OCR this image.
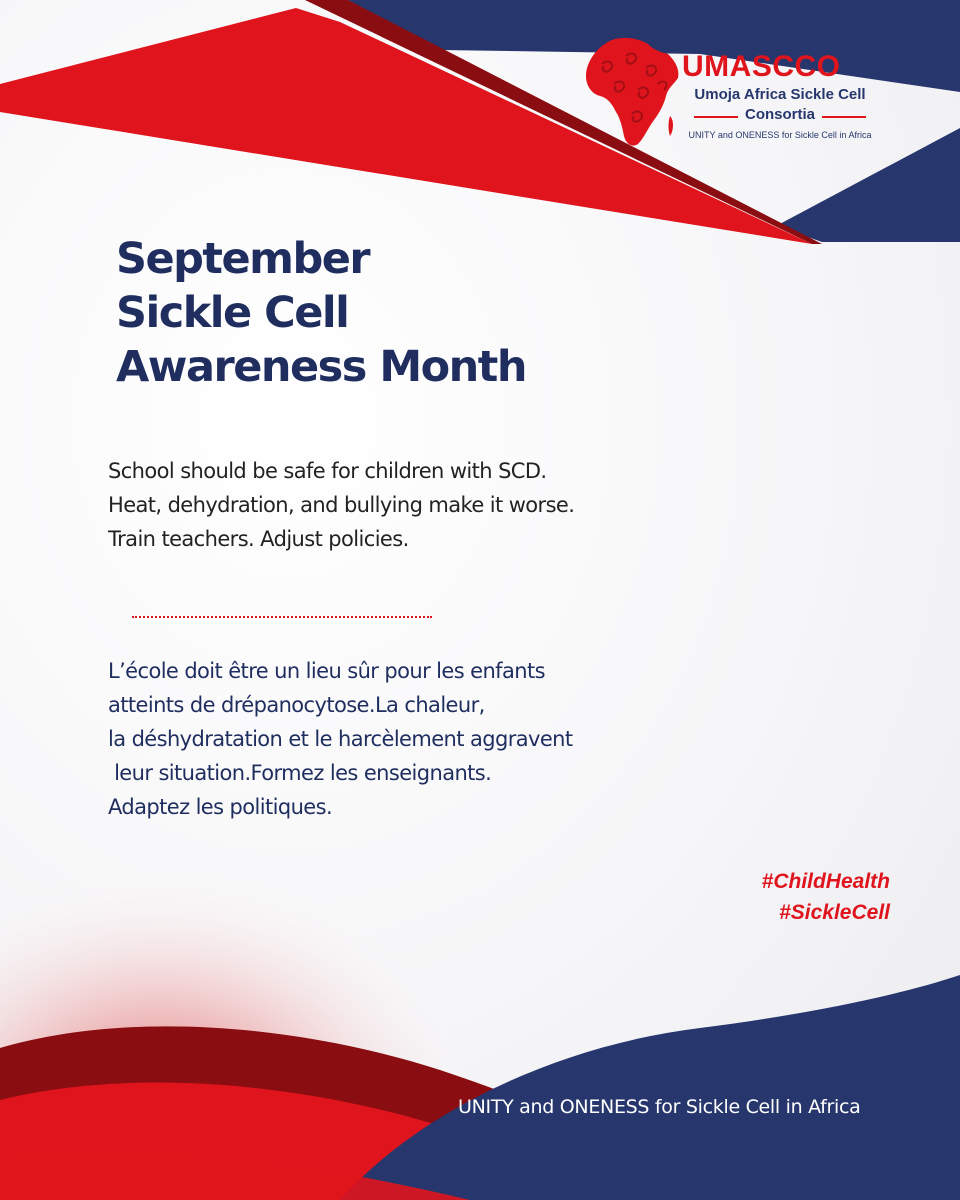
UMASCCO
Umoja Africa Sickle Cell
Consortia
UNITY and ONENESS for Sickle Cell in Africa
September
Sickle Cell
Awareness Month
School should be safe for children with SCD.
Heat, dehydration, and bullying make it worse.
Train teachers. Adjust policies.
L’école doit être un lieu sûr pour les enfants
atteints de drépanocytose.La chaleur,
la déshydratation et le harcèlement aggravent
leur situation.Formez les enseignants.
Adaptez les politiques.
#ChildHealth
#SickleCell

UNITY and ONENESS for Sickle Cell in Africa
